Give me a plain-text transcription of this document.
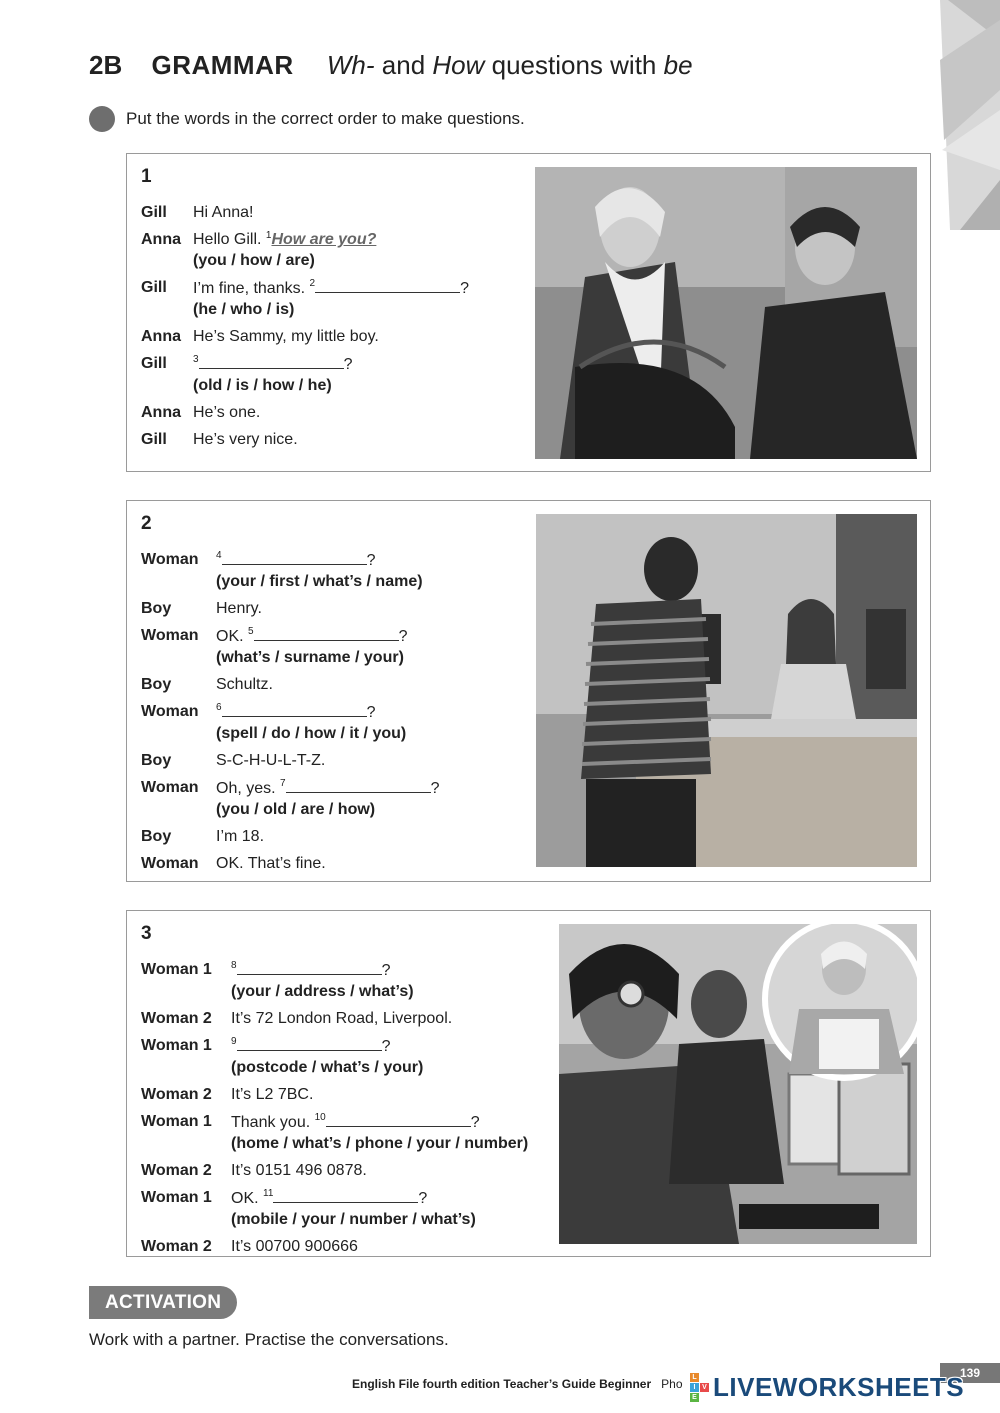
2B GRAMMAR Wh- and How questions with be
Put the words in the correct order to make questions.
1
Gill	Hi Anna!
Anna Hello Gill. $^1$How are you?
(you / how / are)
Gill	I’m fine, thanks. $^2$	?
(he / who / is)
Anna He’s Sammy, my little boy.
Gill	$^3$	?
(old / is / how / he)
Anna He’s one.
Gill	He’s very nice.
2
Woman	$^4$	?
(your / first / what’s / name)
Boy	Henry.
Woman	OK. $^5$	?
(what’s / surname / your)
Boy	Schultz.
Woman	$^6$	?
(spell / do / how / it / you)
Boy	S-C-H-U-L-T-Z.
Woman	Oh, yes. $^7$	?
(you / old / are / how)
Boy	I’m 18.
Woman	OK. That’s fine.
3
Woman 1	$^8$	?
(your / address / what’s)
Woman 2	It’s 72 London Road, Liverpool.
Woman 1	$^9$	?
(postcode / what’s / your)
Woman 2	It’s L2 7BC.
Woman 1	Thank you. $^{10}$	?
(home / what’s / phone / your / number)
Woman 2	It’s 0151 496 0878.
Woman 1	OK. $^{11}$	?
(mobile / your / number / what’s)
Woman 2	It’s 00700 900666
ACTIVATION
Work with a partner. Practise the conversations.
English File fourth edition Teacher’s Guide Beginner Pho
139
L
I V
E LIVEWORKSHEETS
